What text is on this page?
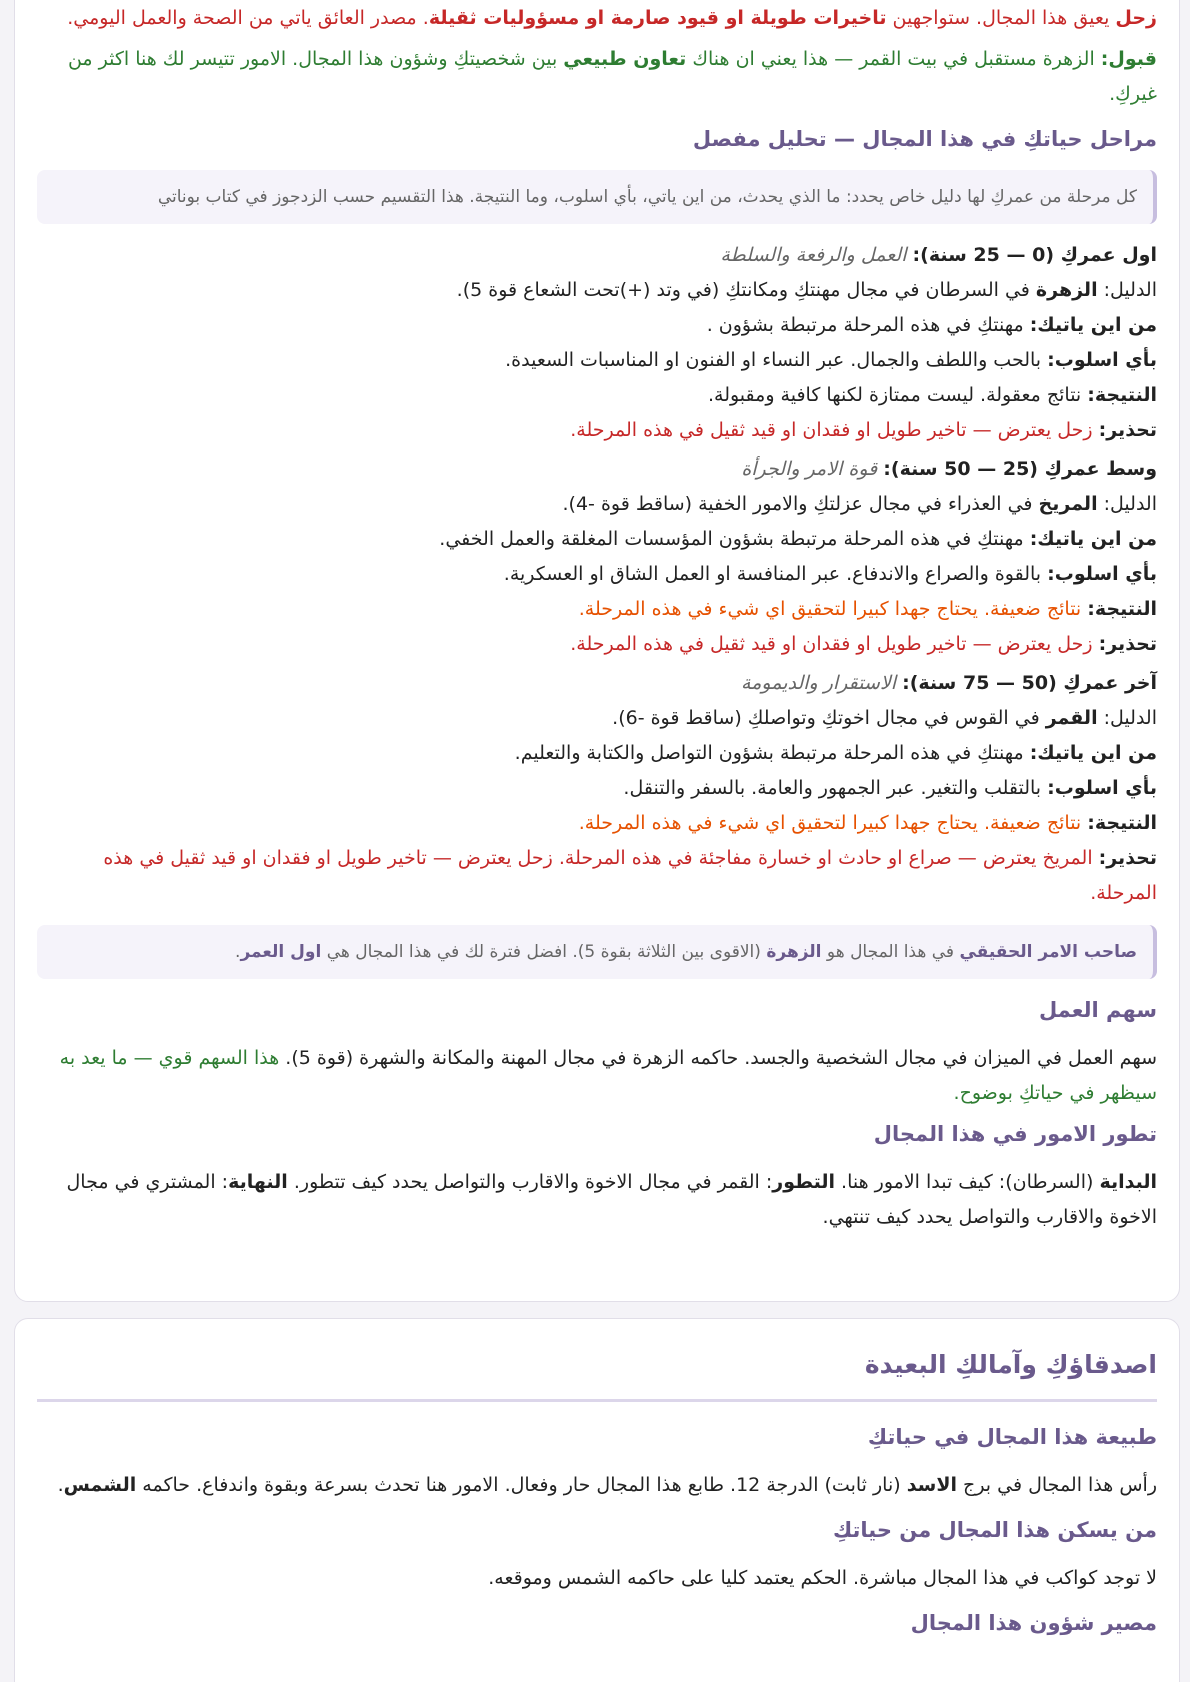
زحل يعيق هذا المجال. ستواجهين تاخيرات طويلة او قيود صارمة او مسؤوليات ثقيلة. مصدر العائق ياتي من الصحة والعمل اليومي.

قبول: الزهرة مستقبل في بيت القمر — هذا يعني ان هناك تعاون طبيعي بين شخصيتكِ وشؤون هذا المجال. الامور تتيسر لك هنا اكثر من غيركِ.

مراحل حياتكِ في هذا المجال — تحليل مفصل
كل مرحلة من عمركِ لها دليل خاص يحدد: ما الذي يحدث، من اين ياتي، بأي اسلوب، وما النتيجة. هذا التقسيم حسب الزدجوز في كتاب بوناتي

اول عمركِ (0 — 25 سنة): العمل والرفعة والسلطة

الدليل: الزهرة في السرطان في مجال مهنتكِ ومكانتكِ (في وتد (+)تحت الشعاع قوة 5).

من اين ياتيك: مهنتكِ في هذه المرحلة مرتبطة بشؤون .

بأي اسلوب: بالحب واللطف والجمال. عبر النساء او الفنون او المناسبات السعيدة.

النتيجة: نتائج معقولة. ليست ممتازة لكنها كافية ومقبولة.

تحذير: زحل يعترض — تاخير طويل او فقدان او قيد ثقيل في هذه المرحلة.

وسط عمركِ (25 — 50 سنة): قوة الامر والجرأة

الدليل: المريخ في العذراء في مجال عزلتكِ والامور الخفية (ساقط قوة -4).

من اين ياتيك: مهنتكِ في هذه المرحلة مرتبطة بشؤون المؤسسات المغلقة والعمل الخفي.

بأي اسلوب: بالقوة والصراع والاندفاع. عبر المنافسة او العمل الشاق او العسكرية.

النتيجة: نتائج ضعيفة. يحتاج جهدا كبيرا لتحقيق اي شيء في هذه المرحلة.

تحذير: زحل يعترض — تاخير طويل او فقدان او قيد ثقيل في هذه المرحلة.

آخر عمركِ (50 — 75 سنة): الاستقرار والديمومة

الدليل: القمر في القوس في مجال اخوتكِ وتواصلكِ (ساقط قوة -6).

من اين ياتيك: مهنتكِ في هذه المرحلة مرتبطة بشؤون التواصل والكتابة والتعليم.

بأي اسلوب: بالتقلب والتغير. عبر الجمهور والعامة. بالسفر والتنقل.

النتيجة: نتائج ضعيفة. يحتاج جهدا كبيرا لتحقيق اي شيء في هذه المرحلة.

تحذير: المريخ يعترض — صراع او حادث او خسارة مفاجئة في هذه المرحلة. زحل يعترض — تاخير طويل او فقدان او قيد ثقيل في هذه المرحلة.

صاحب الامر الحقيقي في هذا المجال هو الزهرة (الاقوى بين الثلاثة بقوة 5). افضل فترة لك في هذا المجال هي اول العمر.
سهم العمل

سهم العمل في الميزان في مجال الشخصية والجسد. حاكمه الزهرة في مجال المهنة والمكانة والشهرة (قوة 5). هذا السهم قوي — ما يعد به سيظهر في حياتكِ بوضوح.

تطور الامور في هذا المجال

البداية (السرطان): كيف تبدا الامور هنا. التطور: القمر في مجال الاخوة والاقارب والتواصل يحدد كيف تتطور. النهاية: المشتري في مجال الاخوة والاقارب والتواصل يحدد كيف تنتهي.

اصدقاؤكِ وآمالكِ البعيدة
طبيعة هذا المجال في حياتكِ

رأس هذا المجال في برج الاسد (نار ثابت) الدرجة 12. طابع هذا المجال حار وفعال. الامور هنا تحدث بسرعة وبقوة واندفاع. حاكمه الشمس.

من يسكن هذا المجال من حياتكِ

لا توجد كواكب في هذا المجال مباشرة. الحكم يعتمد كليا على حاكمه الشمس وموقعه.

مصير شؤون هذا المجال
